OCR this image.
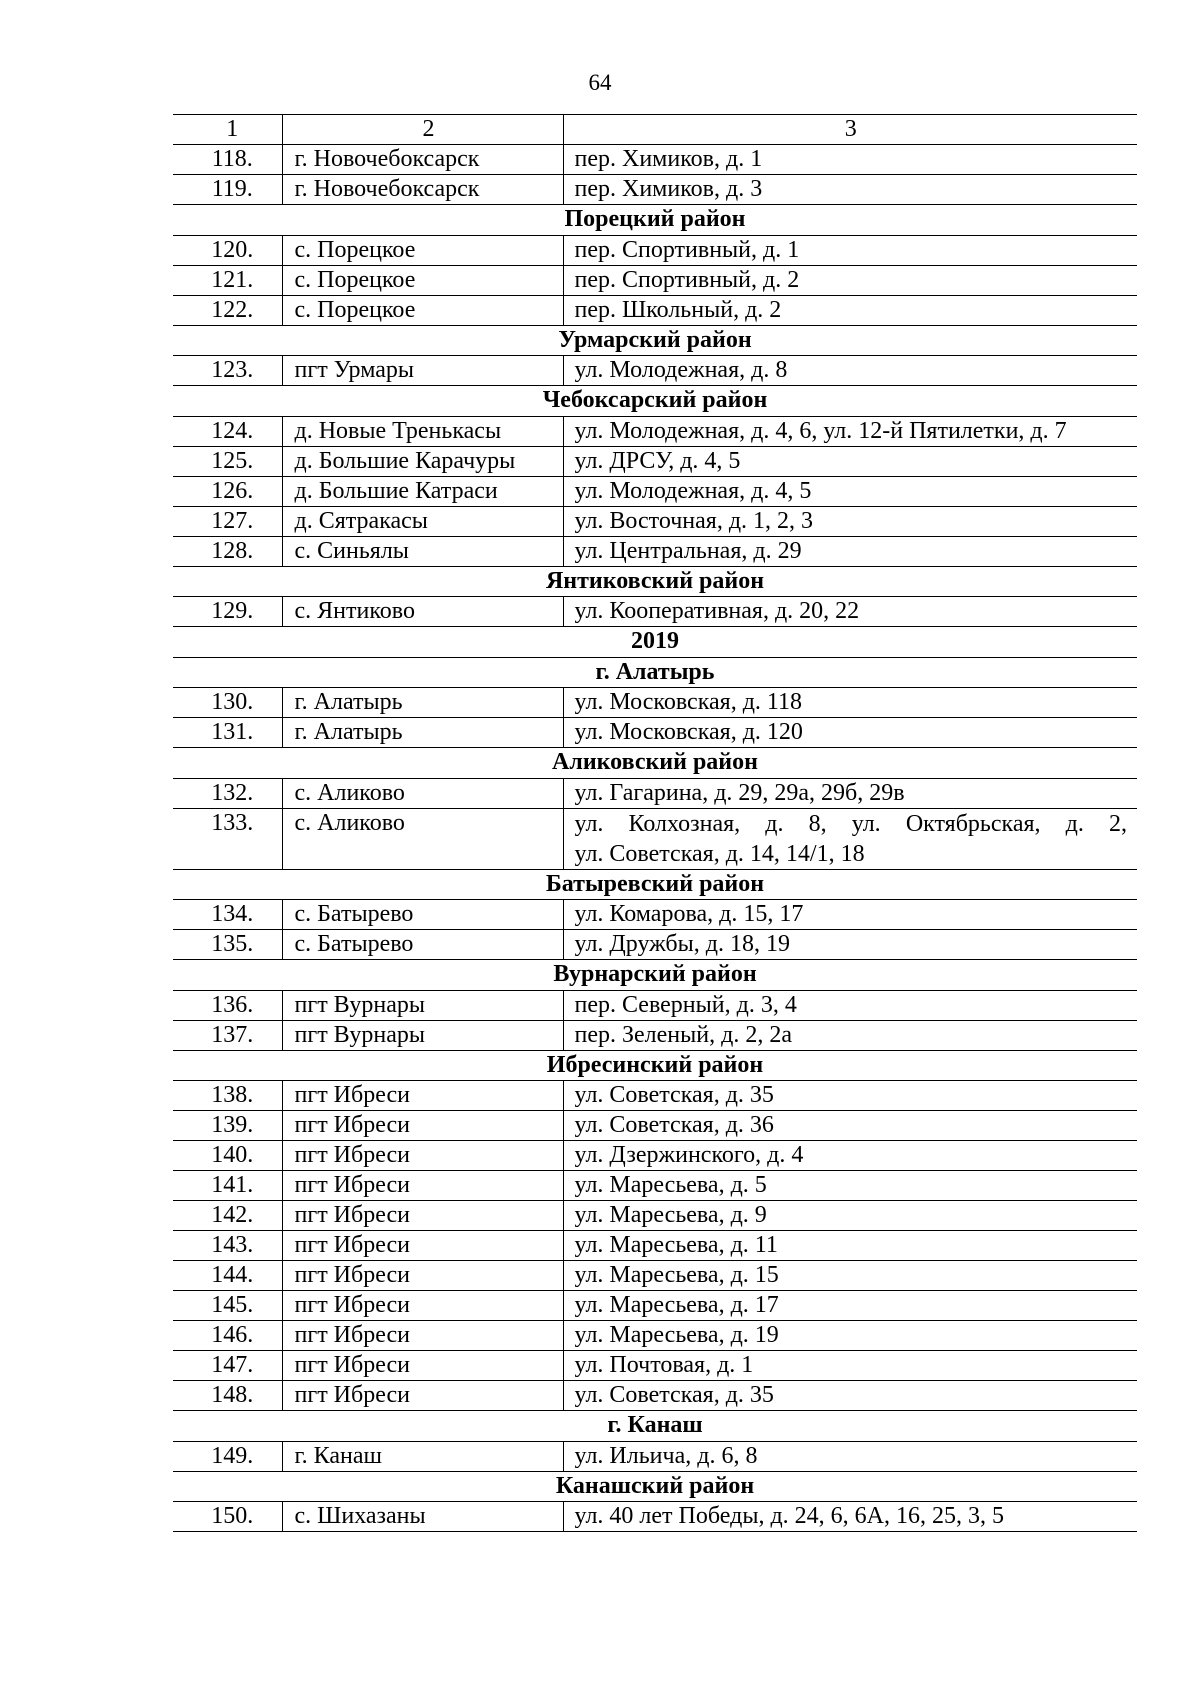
64
1	2	3
118.	г. Новочебоксарск	пер. Химиков, д. 1
119.	г. Новочебоксарск	пер. Химиков, д. 3
Порецкий район		
120.	с. Порецкое	пер. Спортивный, д. 1
121.	с. Порецкое	пер. Спортивный, д. 2
122.	с. Порецкое	пер. Школьный, д. 2
Урмарский район		
123.	пгт Урмары	ул. Молодежная, д. 8
Чебоксарский район		
124.	д. Новые Тренькасы	ул. Молодежная, д. 4, 6, ул. 12-й Пятилетки, д. 7
125.	д. Большие Карачуры	ул. ДРСУ, д. 4, 5
126.	д. Большие Катраси	ул. Молодежная, д. 4, 5
127.	д. Сятракасы	ул. Восточная, д. 1, 2, 3
128.	с. Синьялы	ул. Центральная, д. 29
Янтиковский район		
129.	с. Янтиково	ул. Кооперативная, д. 20, 22
2019		
г. Алатырь		
130.	г. Алатырь	ул. Московская, д. 118
131.	г. Алатырь	ул. Московская, д. 120
Аликовский район		
132.	с. Аликово	ул. Гагарина, д. 29, 29а, 29б, 29в
133.	с. Аликово	ул. Колхозная, д. 8, ул. Октябрьская, д. 2,
ул. Советская, д. 14, 14/1, 18

Батыревский район		
134.	с. Батырево	ул. Комарова, д. 15, 17
135.	с. Батырево	ул. Дружбы, д. 18, 19
Вурнарский район		
136.	пгт Вурнары	пер. Северный, д. 3, 4
137.	пгт Вурнары	пер. Зеленый, д. 2, 2а
Ибресинский район		
138.	пгт Ибреси	ул. Советская, д. 35
139.	пгт Ибреси	ул. Советская, д. 36
140.	пгт Ибреси	ул. Дзержинского, д. 4
141.	пгт Ибреси	ул. Маресьева, д. 5
142.	пгт Ибреси	ул. Маресьева, д. 9
143.	пгт Ибреси	ул. Маресьева, д. 11
144.	пгт Ибреси	ул. Маресьева, д. 15
145.	пгт Ибреси	ул. Маресьева, д. 17
146.	пгт Ибреси	ул. Маресьева, д. 19
147.	пгт Ибреси	ул. Почтовая, д. 1
148.	пгт Ибреси	ул. Советская, д. 35
г. Канаш		
149.	г. Канаш	ул. Ильича, д. 6, 8
Канашский район		
150.	с. Шихазаны	ул. 40 лет Победы, д. 24, 6, 6А, 16, 25, 3, 5
